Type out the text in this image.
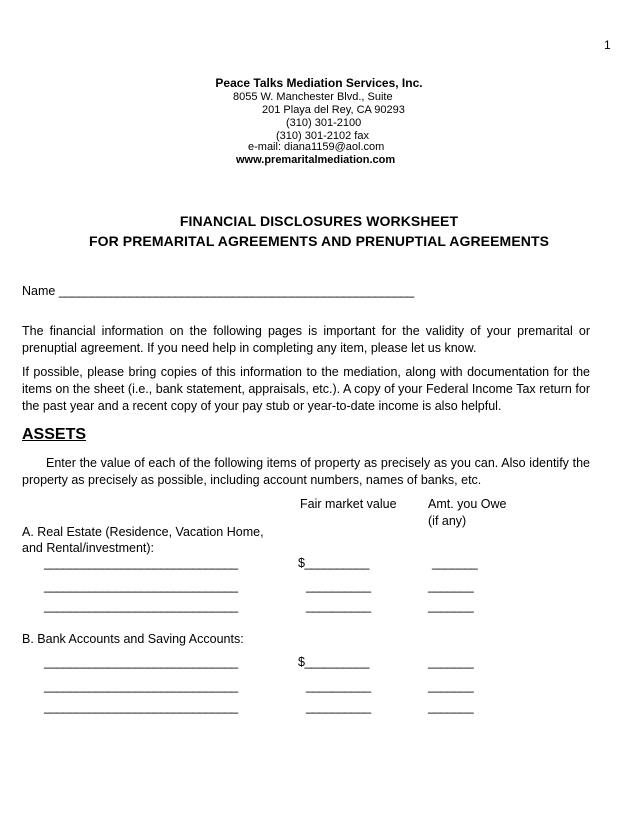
1
Peace Talks Mediation Services, Inc.
8055 W. Manchester Blvd., Suite
201 Playa del Rey, CA 90293
(310) 301-2100
(310) 301-2102 fax
e-mail: diana1159@aol.com
www.premaritalmediation.com
FINANCIAL DISCLOSURES WORKSHEET
FOR PREMARITAL AGREEMENTS AND PRENUPTIAL AGREEMENTS
Name _______________________________________________________
The financial information on the following pages is important for the validity of your premarital or prenuptial agreement. If you need help in completing any item, please let us know.
If possible, please bring copies of this information to the mediation, along with documentation for the items on the sheet (i.e., bank statement, appraisals, etc.). A copy of your Federal Income Tax return for the past year and a recent copy of your pay stub or year-to-date income is also helpful.
ASSETS
Enter the value of each of the following items of property as precisely as you can. Also identify the property as precisely as possible, including account numbers, names of banks, etc.
Fair market value	Amt. you Owe
(if any)
A. Real Estate (Residence, Vacation Home,
and Rental/investment):
______________________________	$__________	_______
______________________________	__________	_______
______________________________	__________	_______
B. Bank Accounts and Saving Accounts:
______________________________	$__________	_______
______________________________	__________	_______
______________________________	__________	_______
